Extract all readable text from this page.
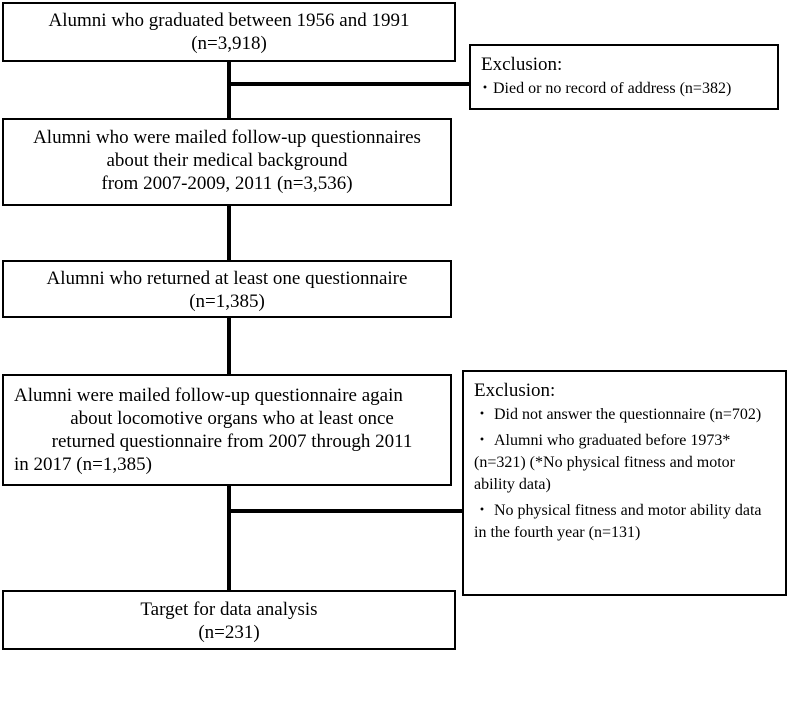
Alumni who graduated between 1956 and 1991
(n=3,918)
Alumni who were mailed follow-up questionnaires
about their medical background
from 2007-2009, 2011 (n=3,536)
Alumni who returned at least one questionnaire
(n=1,385)
Alumni were mailed follow-up questionnaire again
about locomotive organs who at least once
returned questionnaire from 2007 through 2011
in 2017 (n=1,385)
Target for data analysis
(n=231)
Exclusion:
・Died or no record of address (n=382)
Exclusion:
・ Did not answer the questionnaire (n=702)
・ Alumni who graduated before 1973* (n=321) (*No physical fitness and motor ability data)
・ No physical fitness and motor ability data in the fourth year (n=131)
